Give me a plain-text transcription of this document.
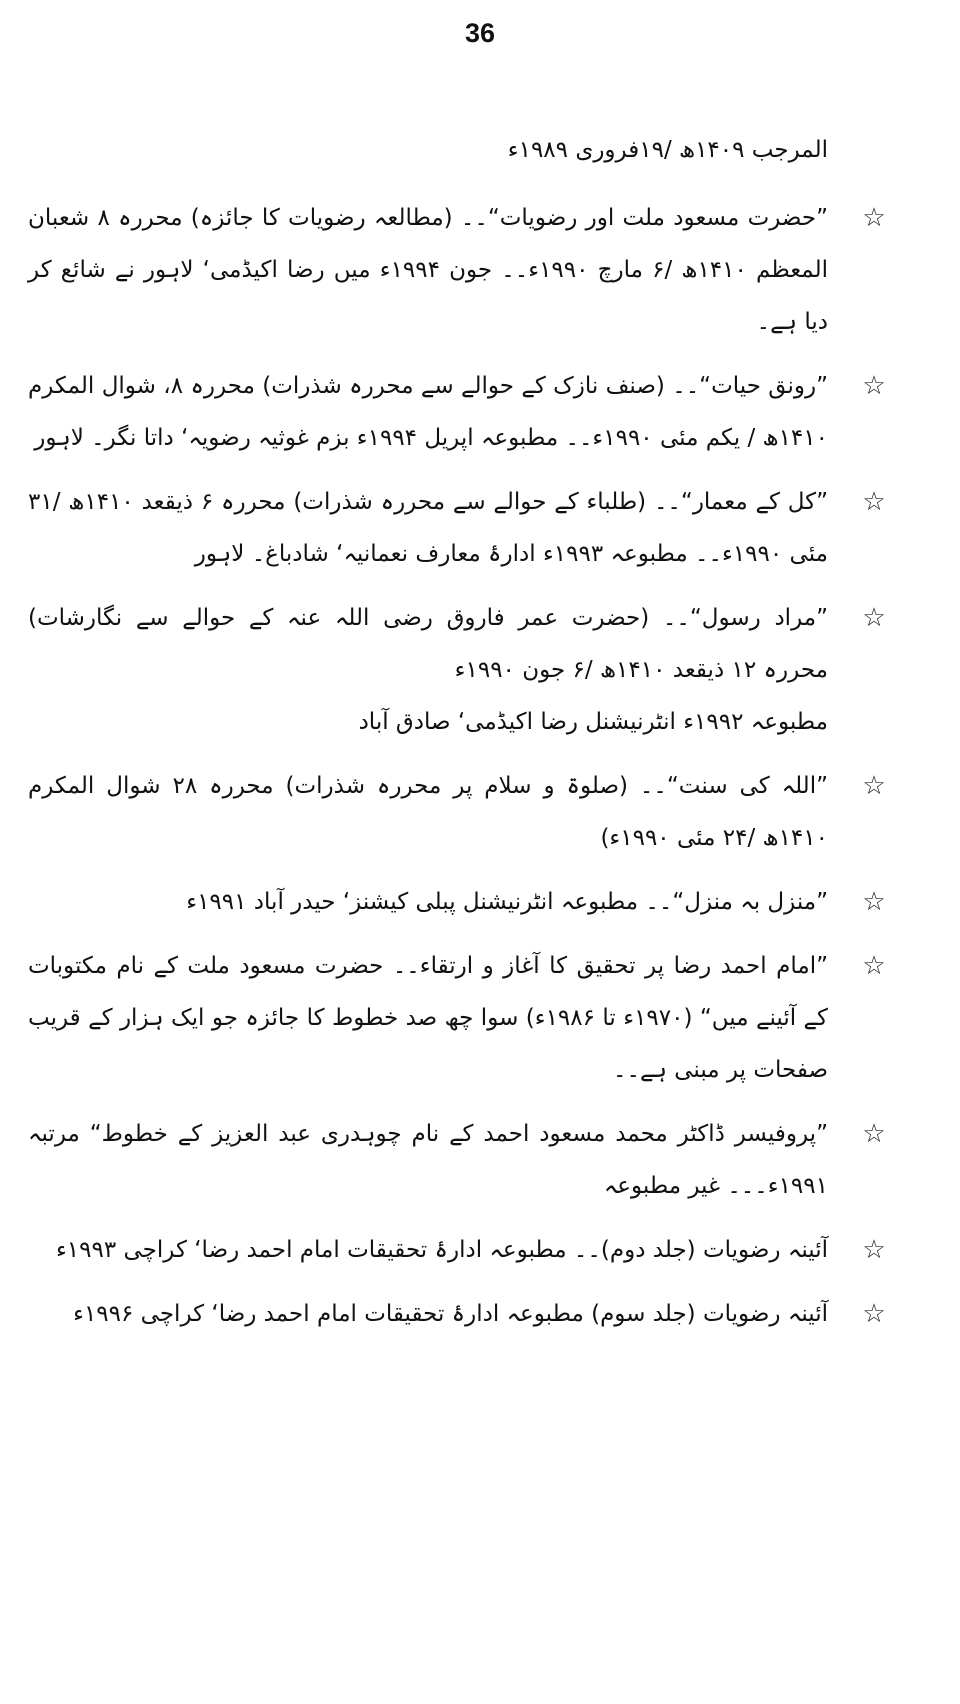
36
المرجب ۱۴۰۹ھ /۱۹فروری ۱۹۸۹ء
☆
”حضرت مسعود ملت اور رضویات“۔۔ (مطالعہ رضویات کا جائزہ) محررہ ۸ شعبان المعظم ۱۴۱۰ھ /۶ مارچ ۱۹۹۰ء۔۔ جون ۱۹۹۴ء میں رضا اکیڈمی‘ لاہور نے شائع کر دیا ہے۔
☆
”رونق حیات“۔۔ (صنف نازک کے حوالے سے محررہ شذرات) محررہ ۸، شوال المکرم ۱۴۱۰ھ / یکم مئی ۱۹۹۰ء۔۔ مطبوعہ اپریل ۱۹۹۴ء بزم غوثیہ رضویہ‘ داتا نگر۔ لاہور
☆
”کل کے معمار“۔۔ (طلباء کے حوالے سے محررہ شذرات) محررہ ۶ ذیقعد ۱۴۱۰ھ /۳۱ مئی ۱۹۹۰ء۔۔ مطبوعہ ۱۹۹۳ء ادارۂ معارف نعمانیہ‘ شادباغ۔ لاہور
☆
”مراد رسول“۔۔ (حضرت عمر فاروق رضی اللہ عنہ کے حوالے سے نگارشات) محررہ ۱۲ ذیقعد ۱۴۱۰ھ /۶ جون ۱۹۹۰ء
مطبوعہ ۱۹۹۲ء انٹرنیشنل رضا اکیڈمی‘ صادق آباد
☆
”اللہ کی سنت“۔۔ (صلوۃ و سلام پر محررہ شذرات) محررہ ۲۸ شوال المکرم ۱۴۱۰ھ /۲۴ مئی ۱۹۹۰ء)
☆
”منزل بہ منزل“۔۔ مطبوعہ انٹرنیشنل پبلی کیشنز‘ حیدر آباد ۱۹۹۱ء
☆
”امام احمد رضا پر تحقیق کا آغاز و ارتقاء۔۔ حضرت مسعود ملت کے نام مکتوبات کے آئینے میں“ (۱۹۷۰ء تا ۱۹۸۶ء) سوا چھ صد خطوط کا جائزہ جو ایک ہزار کے قریب صفحات پر مبنی ہے۔۔
☆
”پروفیسر ڈاکٹر محمد مسعود احمد کے نام چوہدری عبد العزیز کے خطوط“ مرتبہ ۱۹۹۱ء۔۔۔ غیر مطبوعہ
☆
آئینہ رضویات (جلد دوم)۔۔ مطبوعہ ادارۂ تحقیقات امام احمد رضا‘ کراچی ۱۹۹۳ء
☆
آئینہ رضویات (جلد سوم) مطبوعہ ادارۂ تحقیقات امام احمد رضا‘ کراچی ۱۹۹۶ء
